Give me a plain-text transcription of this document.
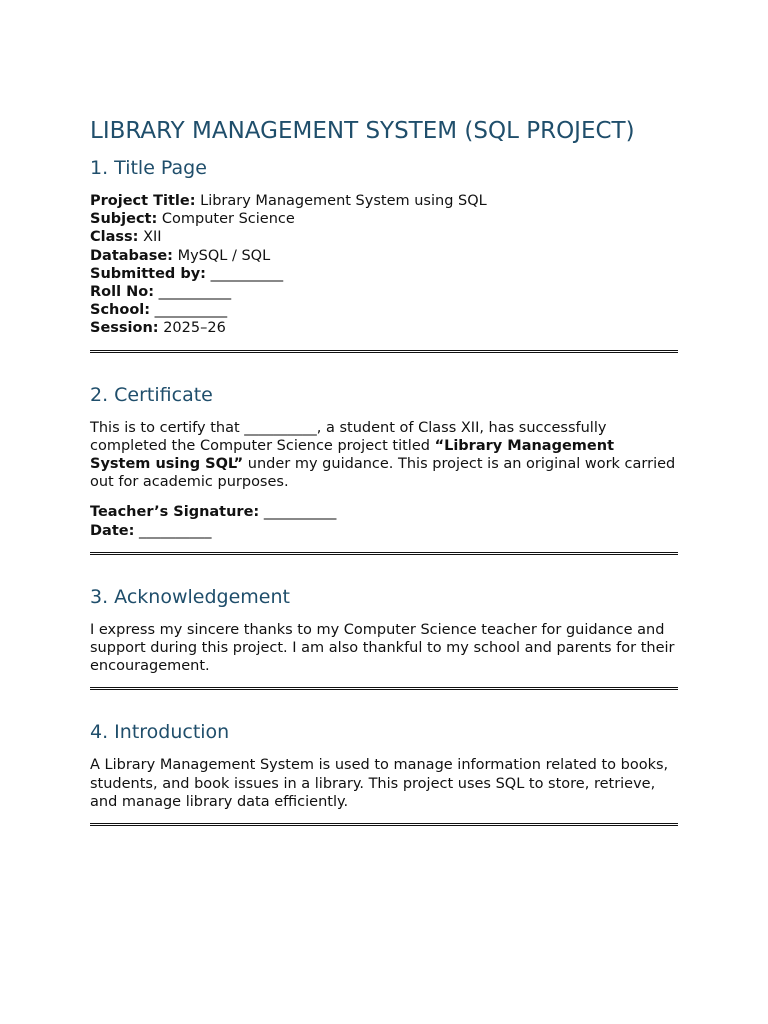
LIBRARY MANAGEMENT SYSTEM (SQL PROJECT)
1. Title Page
Project Title: Library Management System using SQL
Subject: Computer Science
Class: XII
Database: MySQL / SQL
Submitted by: __________
Roll No: __________
School: __________
Session: 2025–26
2. Certificate

This is to certify that __________, a student of Class XII, has successfully completed the Computer Science project titled “Library Management System using SQL” under my guidance. This project is an original work carried out for academic purposes.

Teacher’s Signature: __________
Date: __________
3. Acknowledgement

I express my sincere thanks to my Computer Science teacher for guidance and support during this project. I am also thankful to my school and parents for their encouragement.

4. Introduction

A Library Management System is used to manage information related to books, students, and book issues in a library. This project uses SQL to store, retrieve, and manage library data efficiently.
